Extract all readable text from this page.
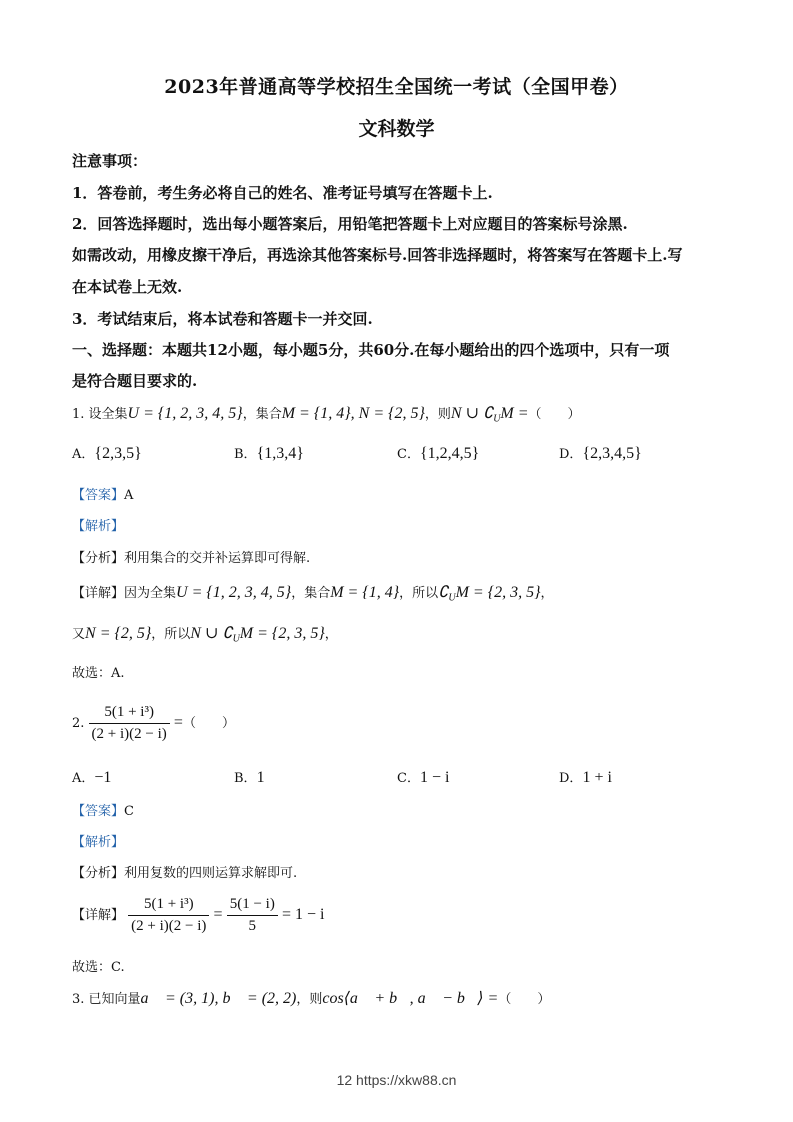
2023年普通高等学校招生全国统一考试（全国甲卷）
文科数学
注意事项：
1．答卷前，考生务必将自己的姓名、准考证号填写在答题卡上.
2．回答选择题时，选出每小题答案后，用铅笔把答题卡上对应题目的答案标号涂黑.
如需改动，用橡皮擦干净后，再选涂其他答案标号.回答非选择题时，将答案写在答题卡上.写
在本试卷上无效.
3．考试结束后，将本试卷和答题卡一并交回.
一、选择题：本题共12小题，每小题5分，共60分.在每小题给出的四个选项中，只有一项
是符合题目要求的.
1. 设全集U = {1, 2, 3, 4, 5}，集合M = {1, 4}, N = {2, 5}，则N ∪ $∁_UM$ =（　　）
A．{2,3,5}	B．{1,3,4}	C．{1,2,4,5}	D．{2,3,4,5}
【答案】A
【解析】
【分析】利用集合的交并补运算即可得解.
【详解】因为全集U = {1, 2, 3, 4, 5}，集合M = {1, 4}，所以$∁_UM = \{2$, 3, 5}，
又N = {2, 5}，所以N ∪ $∁_UM = \{2$, 3, 5}，
故选：A.
2. $\frac{\text{5(1 + i³)}}{(2 + i)(2 - i)}$ =（　　）
A．−1	B．1	C．1 − i	D．1 + i
【答案】C
【解析】
【分析】利用复数的四则运算求解即可.
【详解】 $\frac{\text{5(1 + i³)}}{(2 + i)(2 - i)} = \frac{5(1 - i)}{5} = 1 - i$
故选：C.
3. 已知向量a⃗ = (3, 1), b⃗ = (2, 2)，则cos⟨a⃗ + b⃗, a⃗ − b⃗⟩ =（　　）
12 https://xkw88.cn
